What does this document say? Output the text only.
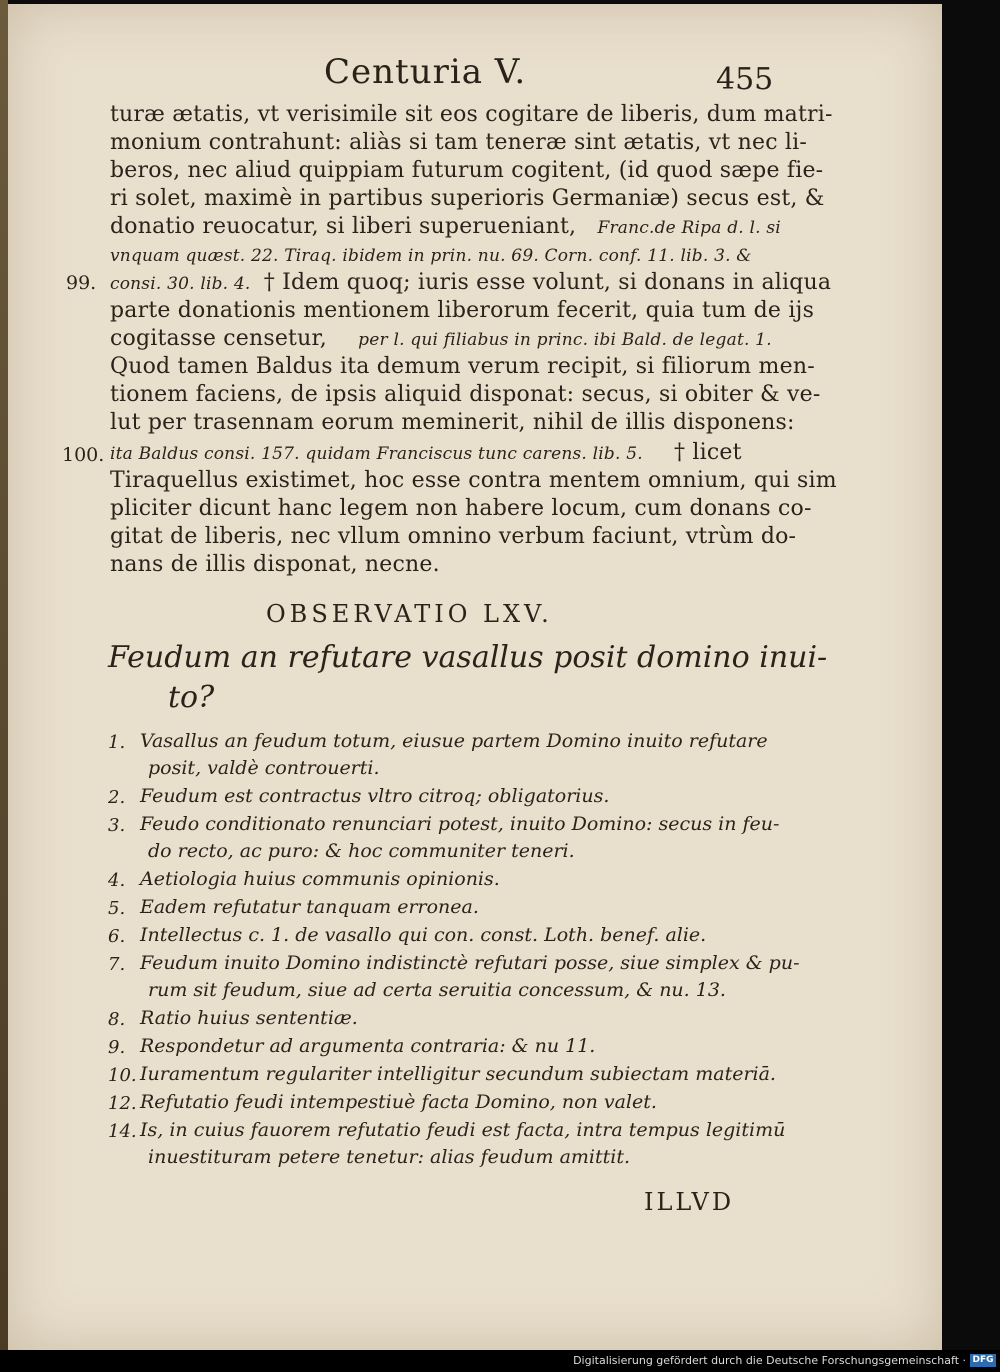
Centuria V.	455
turæ ætatis, vt verisimile sit eos cogitare de liberis, dum matri-
monium contrahunt: aliàs si tam teneræ sint ætatis, vt nec li-
beros, nec aliud quippiam futurum cogitent, (id quod sæpe fie-
ri solet, maximè in partibus superioris Germaniæ) secus est, &
donatio reuocatur, si liberi superueniant, Franc.de Ripa d. l. si
vnquam quæst. 22. Tiraq. ibidem in prin. nu. 69. Corn. conf. 11. lib. 3. &
99. consi. 30. lib. 4. † Idem quoq; iuris esse volunt, si donans in aliqua
parte donationis mentionem liberorum fecerit, quia tum de ijs
cogitasse censetur, per l. qui filiabus in princ. ibi Bald. de legat. 1.
Quod tamen Baldus ita demum verum recipit, si filiorum men-
tionem faciens, de ipsis aliquid disponat: secus, si obiter & ve-
lut per trasennam eorum meminerit, nihil de illis disponens:
100. ita Baldus consi. 157. quidam Franciscus tunc carens. lib. 5. † licet
Tiraquellus existimet, hoc esse contra mentem omnium, qui sim
pliciter dicunt hanc legem non habere locum, cum donans co-
gitat de liberis, nec vllum omnino verbum faciunt, vtrùm do-
nans de illis disponat, necne.
OBSERVATIO LXV.
Feudum an refutare vasallus posit domino inui-
to?
1. Vasallus an feudum totum, eiusue partem Domino inuito refutare
posit, valdè controuerti.
2. Feudum est contractus vltro citroq; obligatorius.
3. Feudo conditionato renunciari potest, inuito Domino: secus in feu-
do recto, ac puro: & hoc communiter teneri.
4. Aetiologia huius communis opinionis.
5. Eadem refutatur tanquam erronea.
6. Intellectus c. 1. de vasallo qui con. const. Loth. benef. alie.
7. Feudum inuito Domino indistinctè refutari posse, siue simplex & pu-
rum sit feudum, siue ad certa seruitia concessum, & nu. 13.
8. Ratio huius sententiæ.
9. Respondetur ad argumenta contraria: & nu 11.
10. Iuramentum regulariter intelligitur secundum subiectam materiā.
12. Refutatio feudi intempestiuè facta Domino, non valet.
14. Is, in cuius fauorem refutatio feudi est facta, intra tempus legitimū
inuestituram petere tenetur: alias feudum amittit.
ILLVD
Digitalisierung gefördert durch die Deutsche Forschungsgemeinschaft · DFG
